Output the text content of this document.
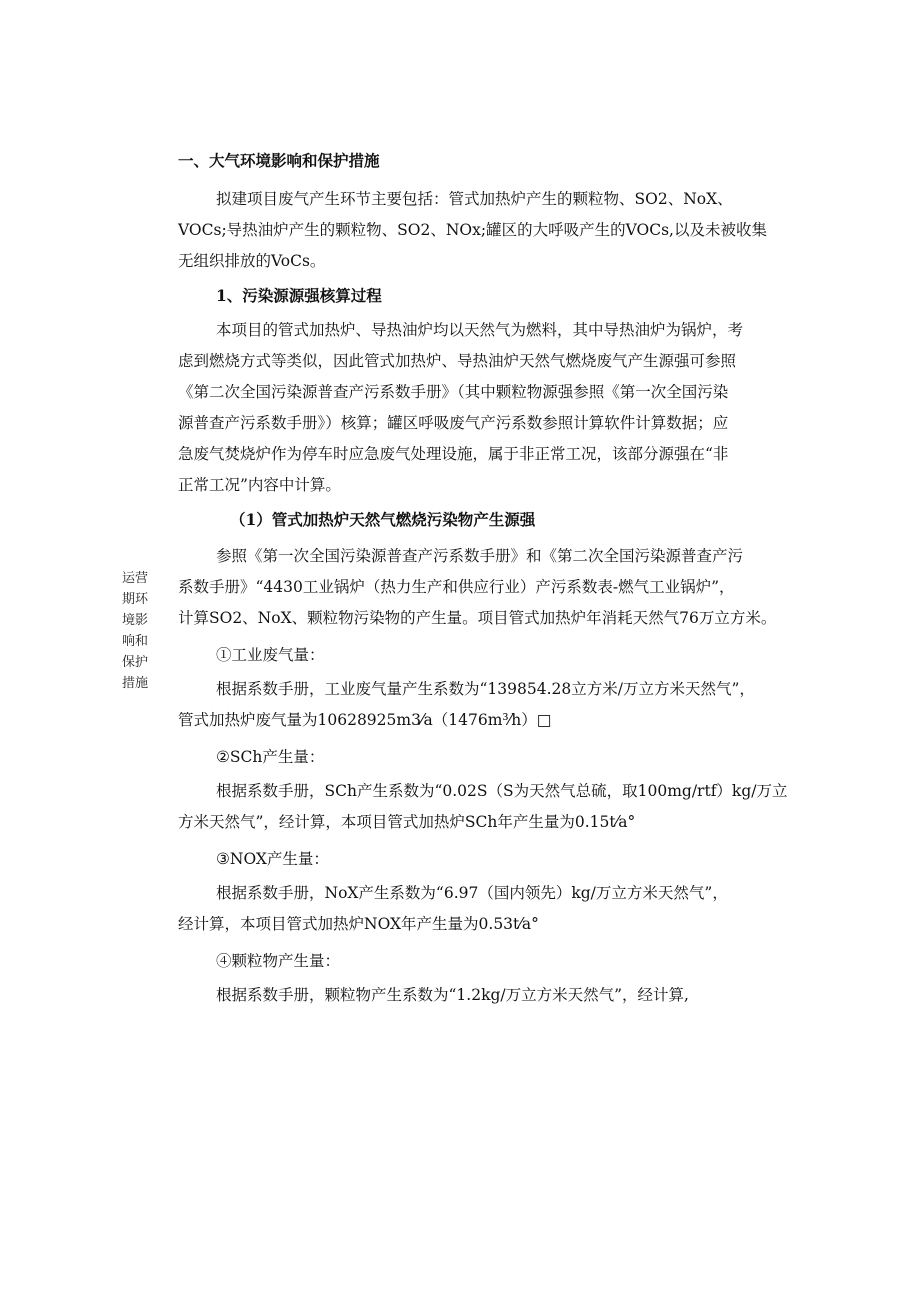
运营
期环
境影
响和
保护
措施
一、大气环境影响和保护措施
拟建项目废气产生环节主要包括：管式加热炉产生的颗粒物、SO2、NoX、
VOCs;导热油炉产生的颗粒物、SO2、NOx;罐区的大呼吸产生的VOCs,以及未被收集
无组织排放的VoCs。
1、污染源源强核算过程
本项目的管式加热炉、导热油炉均以天然气为燃料，其中导热油炉为锅炉，考
虑到燃烧方式等类似，因此管式加热炉、导热油炉天然气燃烧废气产生源强可参照
《第二次全国污染源普查产污系数手册》（其中颗粒物源强参照《第一次全国污染
源普查产污系数手册》）核算；罐区呼吸废气产污系数参照计算软件计算数据；应
急废气焚烧炉作为停车时应急废气处理设施，属于非正常工况，该部分源强在“非
正常工况”内容中计算。
（1）管式加热炉天然气燃烧污染物产生源强
参照《第一次全国污染源普查产污系数手册》和《第二次全国污染源普查产污
系数手册》“4430工业锅炉（热力生产和供应行业）产污系数表-燃气工业锅炉”，
计算SO2、NoX、颗粒物污染物的产生量。项目管式加热炉年消耗天然气76万立方米。
①工业废气量：
根据系数手册，工业废气量产生系数为“139854.28立方米/万立方米天然气”，
管式加热炉废气量为10628925m3⁄a（1476m³⁄h）□
②SCh产生量：
根据系数手册，SCh产生系数为“0.02S（S为天然气总硫，取100mg/rtf）kg/万立
方米天然气”，经计算，本项目管式加热炉SCh年产生量为0.15t⁄a°
③NOX产生量：
根据系数手册，NoX产生系数为“6.97（国内领先）kg/万立方米天然气”，
经计算，本项目管式加热炉NOX年产生量为0.53t⁄a°
④颗粒物产生量：
根据系数手册，颗粒物产生系数为“1.2kg/万立方米天然气”，经计算,
